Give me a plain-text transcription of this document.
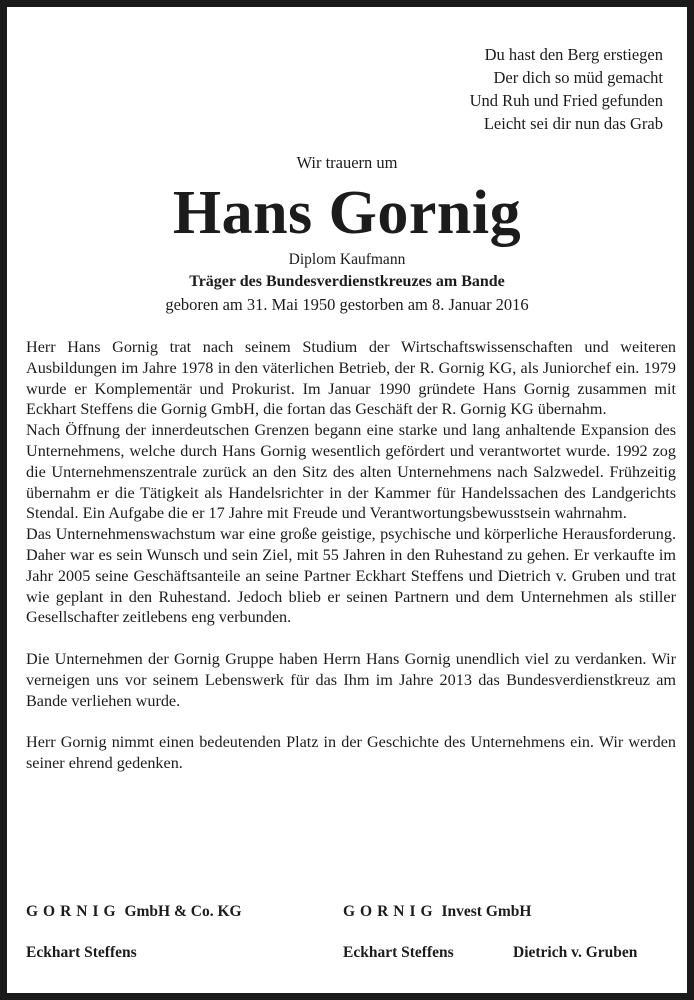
Du hast den Berg erstiegen
Der dich so müd gemacht
Und Ruh und Fried gefunden
Leicht sei dir nun das Grab
Wir trauern um
Hans Gornig
Diplom Kaufmann
Träger des Bundesverdienstkreuzes am Bande
geboren am 31. Mai 1950 gestorben am 8. Januar 2016

Herr Hans Gornig trat nach seinem Studium der Wirtschaftswissenschaften und weiteren Ausbildungen im Jahre 1978 in den väterlichen Betrieb, der R. Gornig KG, als Juniorchef ein. 1979 wurde er Komplementär und Prokurist. Im Januar 1990 gründete Hans Gornig zusammen mit Eckhart Steffens die Gornig GmbH, die fortan das Geschäft der R. Gornig KG übernahm.

Nach Öffnung der innerdeutschen Grenzen begann eine starke und lang anhaltende Expansion des Unternehmens, welche durch Hans Gornig wesentlich gefördert und verantwortet wurde. 1992 zog die Unternehmenszentrale zurück an den Sitz des alten Unternehmens nach Salzwedel. Frühzeitig übernahm er die Tätigkeit als Handelsrichter in der Kammer für Handelssachen des Landgerichts Stendal. Ein Aufgabe die er 17 Jahre mit Freude und Verantwortungsbewusstsein wahrnahm.

Das Unternehmenswachstum war eine große geistige, psychische und körperliche Herausforderung. Daher war es sein Wunsch und sein Ziel, mit 55 Jahren in den Ruhestand zu gehen. Er verkaufte im Jahr 2005 seine Geschäftsanteile an seine Partner Eckhart Steffens und Dietrich v. Gruben und trat wie geplant in den Ruhestand. Jedoch blieb er seinen Partnern und dem Unternehmen als stiller Gesellschafter zeitlebens eng verbunden.

Die Unternehmen der Gornig Gruppe haben Herrn Hans Gornig unendlich viel zu verdanken. Wir verneigen uns vor seinem Lebenswerk für das Ihm im Jahre 2013 das Bundesverdienstkreuz am Bande verliehen wurde.

Herr Gornig nimmt einen bedeutenden Platz in der Geschichte des Unternehmens ein. Wir werden seiner ehrend gedenken.

GORNIG GmbH & Co. KG	GORNIG Invest GmbH
Eckhart Steffens	Eckhart Steffens	Dietrich v. Gruben
